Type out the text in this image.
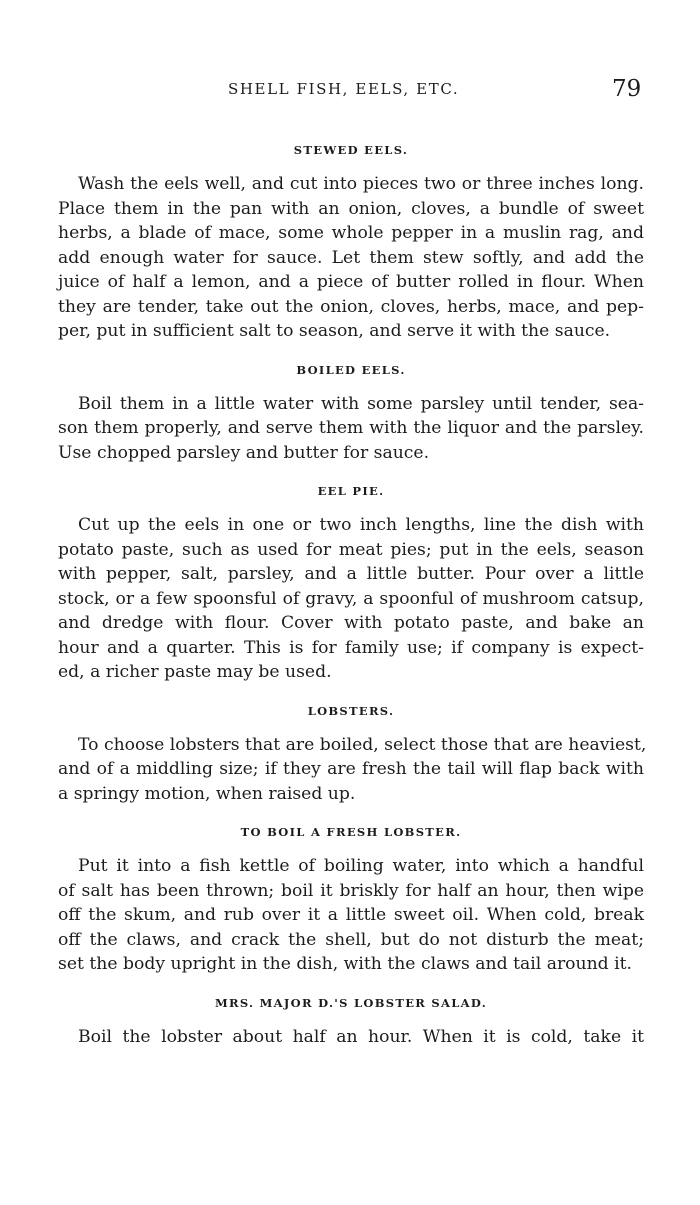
SHELL FISH, EELS, ETC.	79
STEWED EELS.

Wash the eels well, and cut into pieces two or three inches long.
Place them in the pan with an onion, cloves, a bundle of sweet
herbs, a blade of mace, some whole pepper in a muslin rag, and
add enough water for sauce. Let them stew softly, and add the
juice of half a lemon, and a piece of butter rolled in flour. When
they are tender, take out the onion, cloves, herbs, mace, and pep-
per, put in sufficient salt to season, and serve it with the sauce.

BOILED EELS.

Boil them in a little water with some parsley until tender, sea-
son them properly, and serve them with the liquor and the parsley.
Use chopped parsley and butter for sauce.

EEL PIE.

Cut up the eels in one or two inch lengths, line the dish with
potato paste, such as used for meat pies; put in the eels, season
with pepper, salt, parsley, and a little butter. Pour over a little
stock, or a few spoonsful of gravy, a spoonful of mushroom catsup,
and dredge with flour. Cover with potato paste, and bake an
hour and a quarter. This is for family use; if company is expect-
ed, a richer paste may be used.

LOBSTERS.

To choose lobsters that are boiled, select those that are heaviest,
and of a middling size; if they are fresh the tail will flap back with
a springy motion, when raised up.

TO BOIL A FRESH LOBSTER.

Put it into a fish kettle of boiling water, into which a handful
of salt has been thrown; boil it briskly for half an hour, then wipe
off the skum, and rub over it a little sweet oil. When cold, break
off the claws, and crack the shell, but do not disturb the meat;
set the body upright in the dish, with the claws and tail around it.

MRS. MAJOR D.'S LOBSTER SALAD.

Boil the lobster about half an hour. When it is cold, take it
